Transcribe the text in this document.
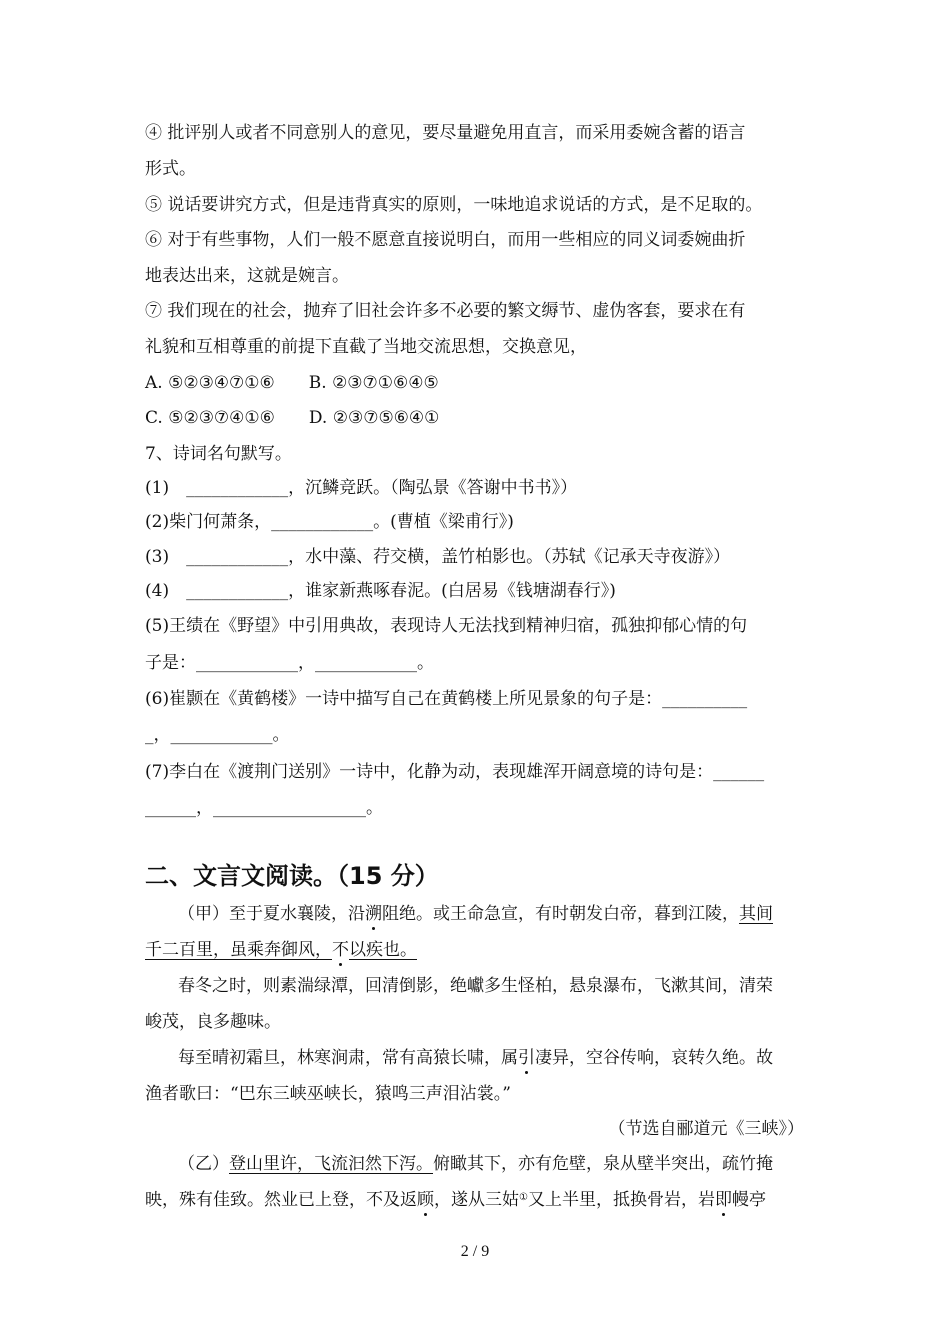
④ 批评别人或者不同意别人的意见，要尽量避免用直言，而采用委婉含蓄的语言
形式。
⑤ 说话要讲究方式，但是违背真实的原则，一味地追求说话的方式，是不足取的。
⑥ 对于有些事物，人们一般不愿意直接说明白，而用一些相应的同义词委婉曲折
地表达出来，这就是婉言。
⑦ 我们现在的社会，抛弃了旧社会许多不必要的繁文缛节、虚伪客套，要求在有
礼貌和互相尊重的前提下直截了当地交流思想，交换意见，
A. ⑤②③④⑦①⑥　　B. ②③⑦①⑥④⑤
C. ⑤②③⑦④①⑥　　D. ②③⑦⑤⑥④①
7、诗词名句默写。
(1)　____________，沉鳞竞跃。（陶弘景《答谢中书书》）
(2)柴门何萧条，____________。(曹植《梁甫行》)
(3)　____________，水中藻、荇交横，盖竹柏影也。（苏轼《记承天寺夜游》）
(4)　____________，谁家新燕啄春泥。(白居易《钱塘湖春行》)
(5)王绩在《野望》中引用典故，表现诗人无法找到精神归宿，孤独抑郁心情的句
子是：____________，____________。
(6)崔颢在《黄鹤楼》一诗中描写自己在黄鹤楼上所见景象的句子是：__________
_，____________。
(7)李白在《渡荆门送别》一诗中，化静为动，表现雄浑开阔意境的诗句是：______
______，__________________。
二、文言文阅读。（15 分）
（甲）至于夏水襄陵，沿溯阻绝。或王命急宣，有时朝发白帝，暮到江陵，其间
千二百里，虽乘奔御风，不以疾也。
春冬之时，则素湍绿潭，回清倒影，绝巘多生怪柏，悬泉瀑布，飞漱其间，清荣
峻茂，良多趣味。
每至晴初霜旦，林寒涧肃，常有高猿长啸，属引凄异，空谷传响，哀转久绝。故
渔者歌曰：“巴东三峡巫峡长，猿鸣三声泪沾裳。”
（节选自郦道元《三峡》）
（乙）登山里许，飞流汩然下泻。俯瞰其下，亦有危壁，泉从壁半突出，疏竹掩
映，殊有佳致。然业已上登，不及返顾，遂从三姑①又上半里，抵换骨岩，岩即幔亭
2 / 9
